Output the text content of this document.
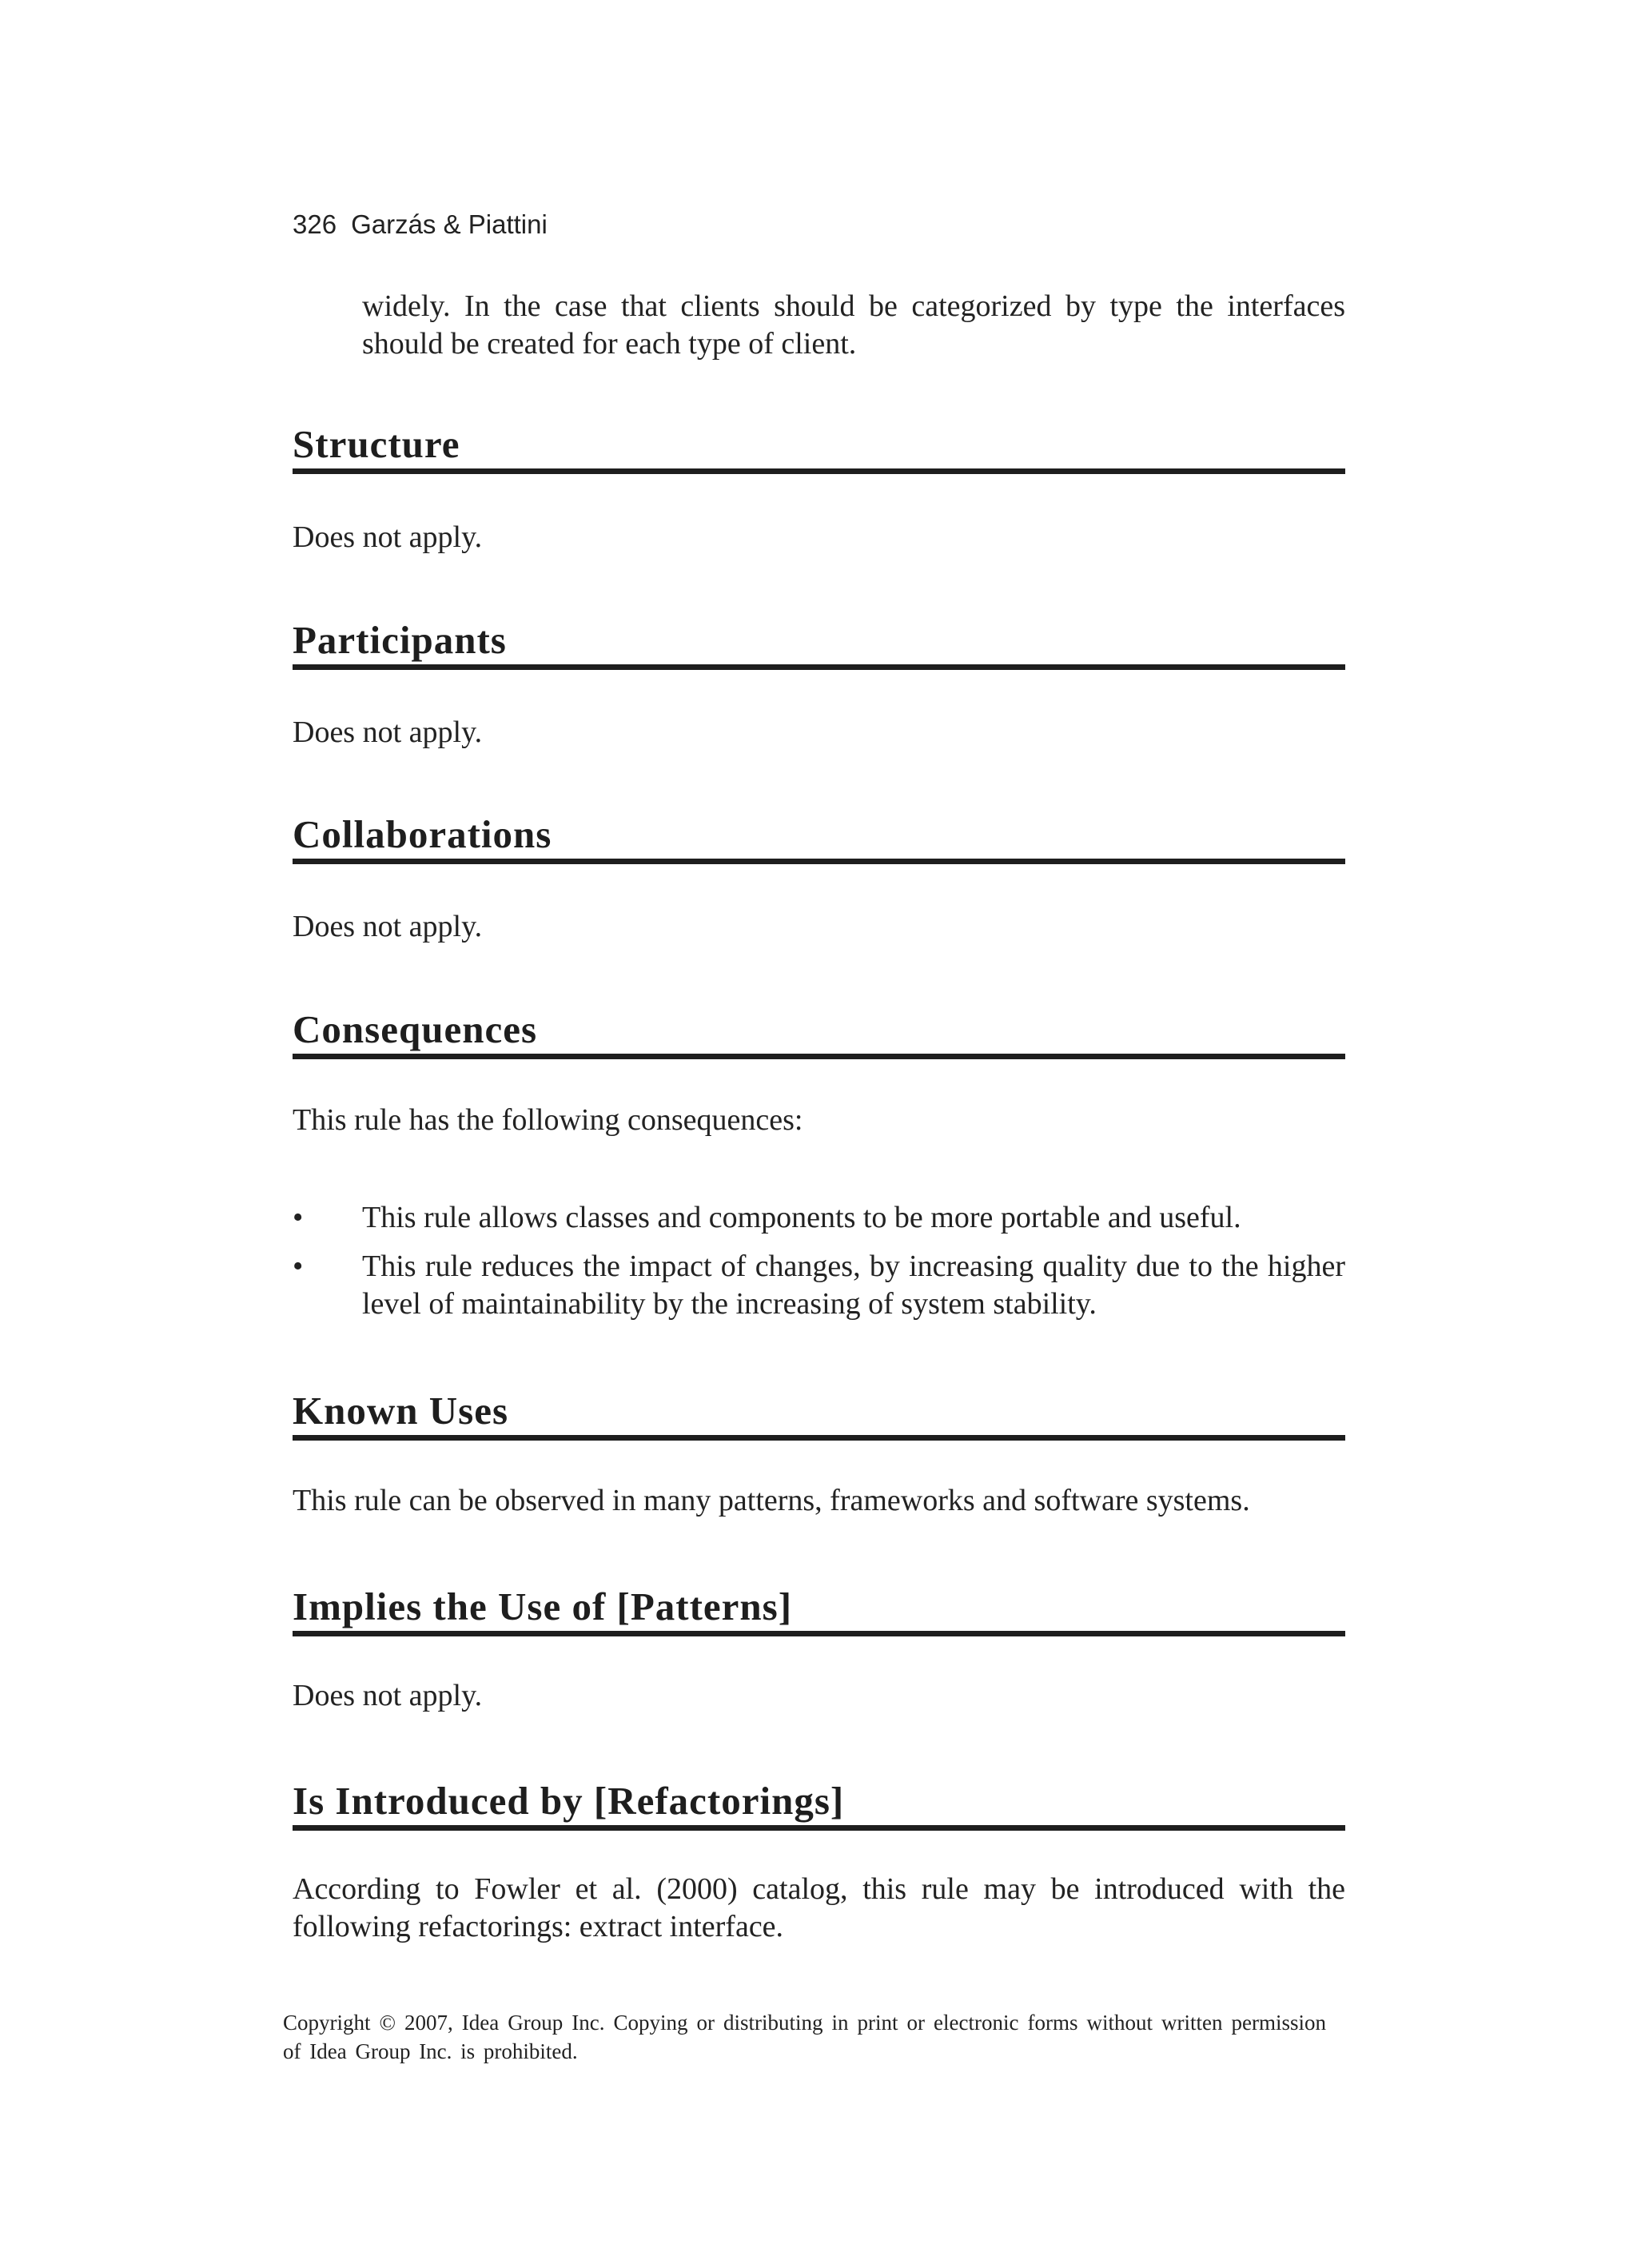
326 Garzás & Piattini

widely. In the case that clients should be categorized by type the interfaces should be created for each type of client.

Structure

Does not apply.

Participants

Does not apply.

Collaborations

Does not apply.

Consequences

This rule has the following consequences:

• This rule allows classes and components to be more portable and useful.
• This rule reduces the impact of changes, by increasing quality due to the higher level of maintainability by the increasing of system stability.
Known Uses

This rule can be observed in many patterns, frameworks and software systems.

Implies the Use of [Patterns]

Does not apply.

Is Introduced by [Refactorings]

According to Fowler et al. (2000) catalog, this rule may be introduced with the following refactorings: extract interface.

Copyright © 2007, Idea Group Inc. Copying or distributing in print or electronic forms without written permission of Idea Group Inc. is prohibited.
